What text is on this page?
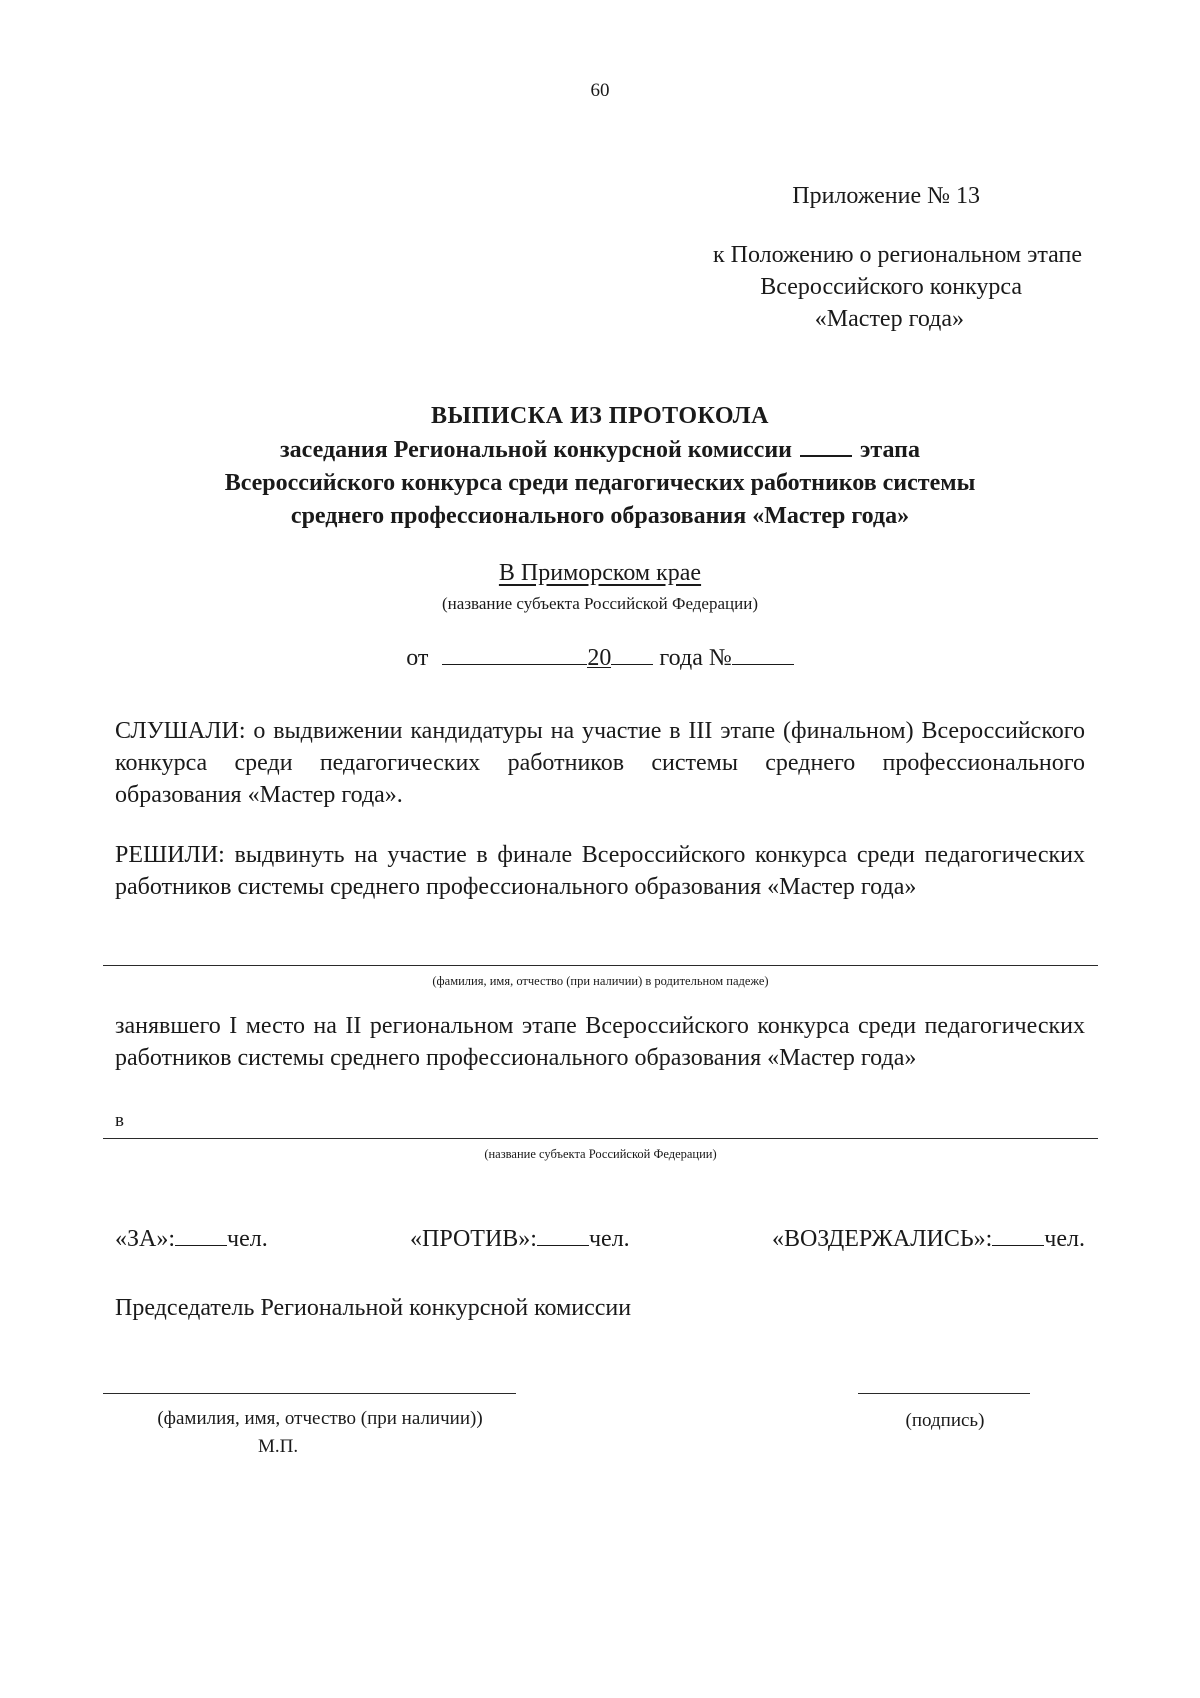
60
Приложение № 13
к Положению о региональном этапе
Всероссийского конкурса
«Мастер года»
ВЫПИСКА ИЗ ПРОТОКОЛА
заседания Региональной конкурсной комиссии	этапа
Всероссийского конкурса среди педагогических работников системы
среднего профессионального образования «Мастер года»
В Приморском крае
(название субъекта Российской Федерации)
от	20 года №
СЛУШАЛИ: о выдвижении кандидатуры на участие в III этапе (финальном) Всероссийского конкурса среди педагогических работников системы среднего профессионального образования «Мастер года».
РЕШИЛИ: выдвинуть на участие в финале Всероссийского конкурса среди педагогических работников системы среднего профессионального образования «Мастер года»
(фамилия, имя, отчество (при наличии) в родительном падеже)
занявшего I место на II региональном этапе Всероссийского конкурса среди педагогических работников системы среднего профессионального образования «Мастер года»
в
(название субъекта Российской Федерации)
«ЗА»: чел.	«ПРОТИВ»: чел.	«ВОЗДЕРЖАЛИСЬ»: чел.
Председатель Региональной конкурсной комиссии
(фамилия, имя, отчество (при наличии))
М.П.
(подпись)
